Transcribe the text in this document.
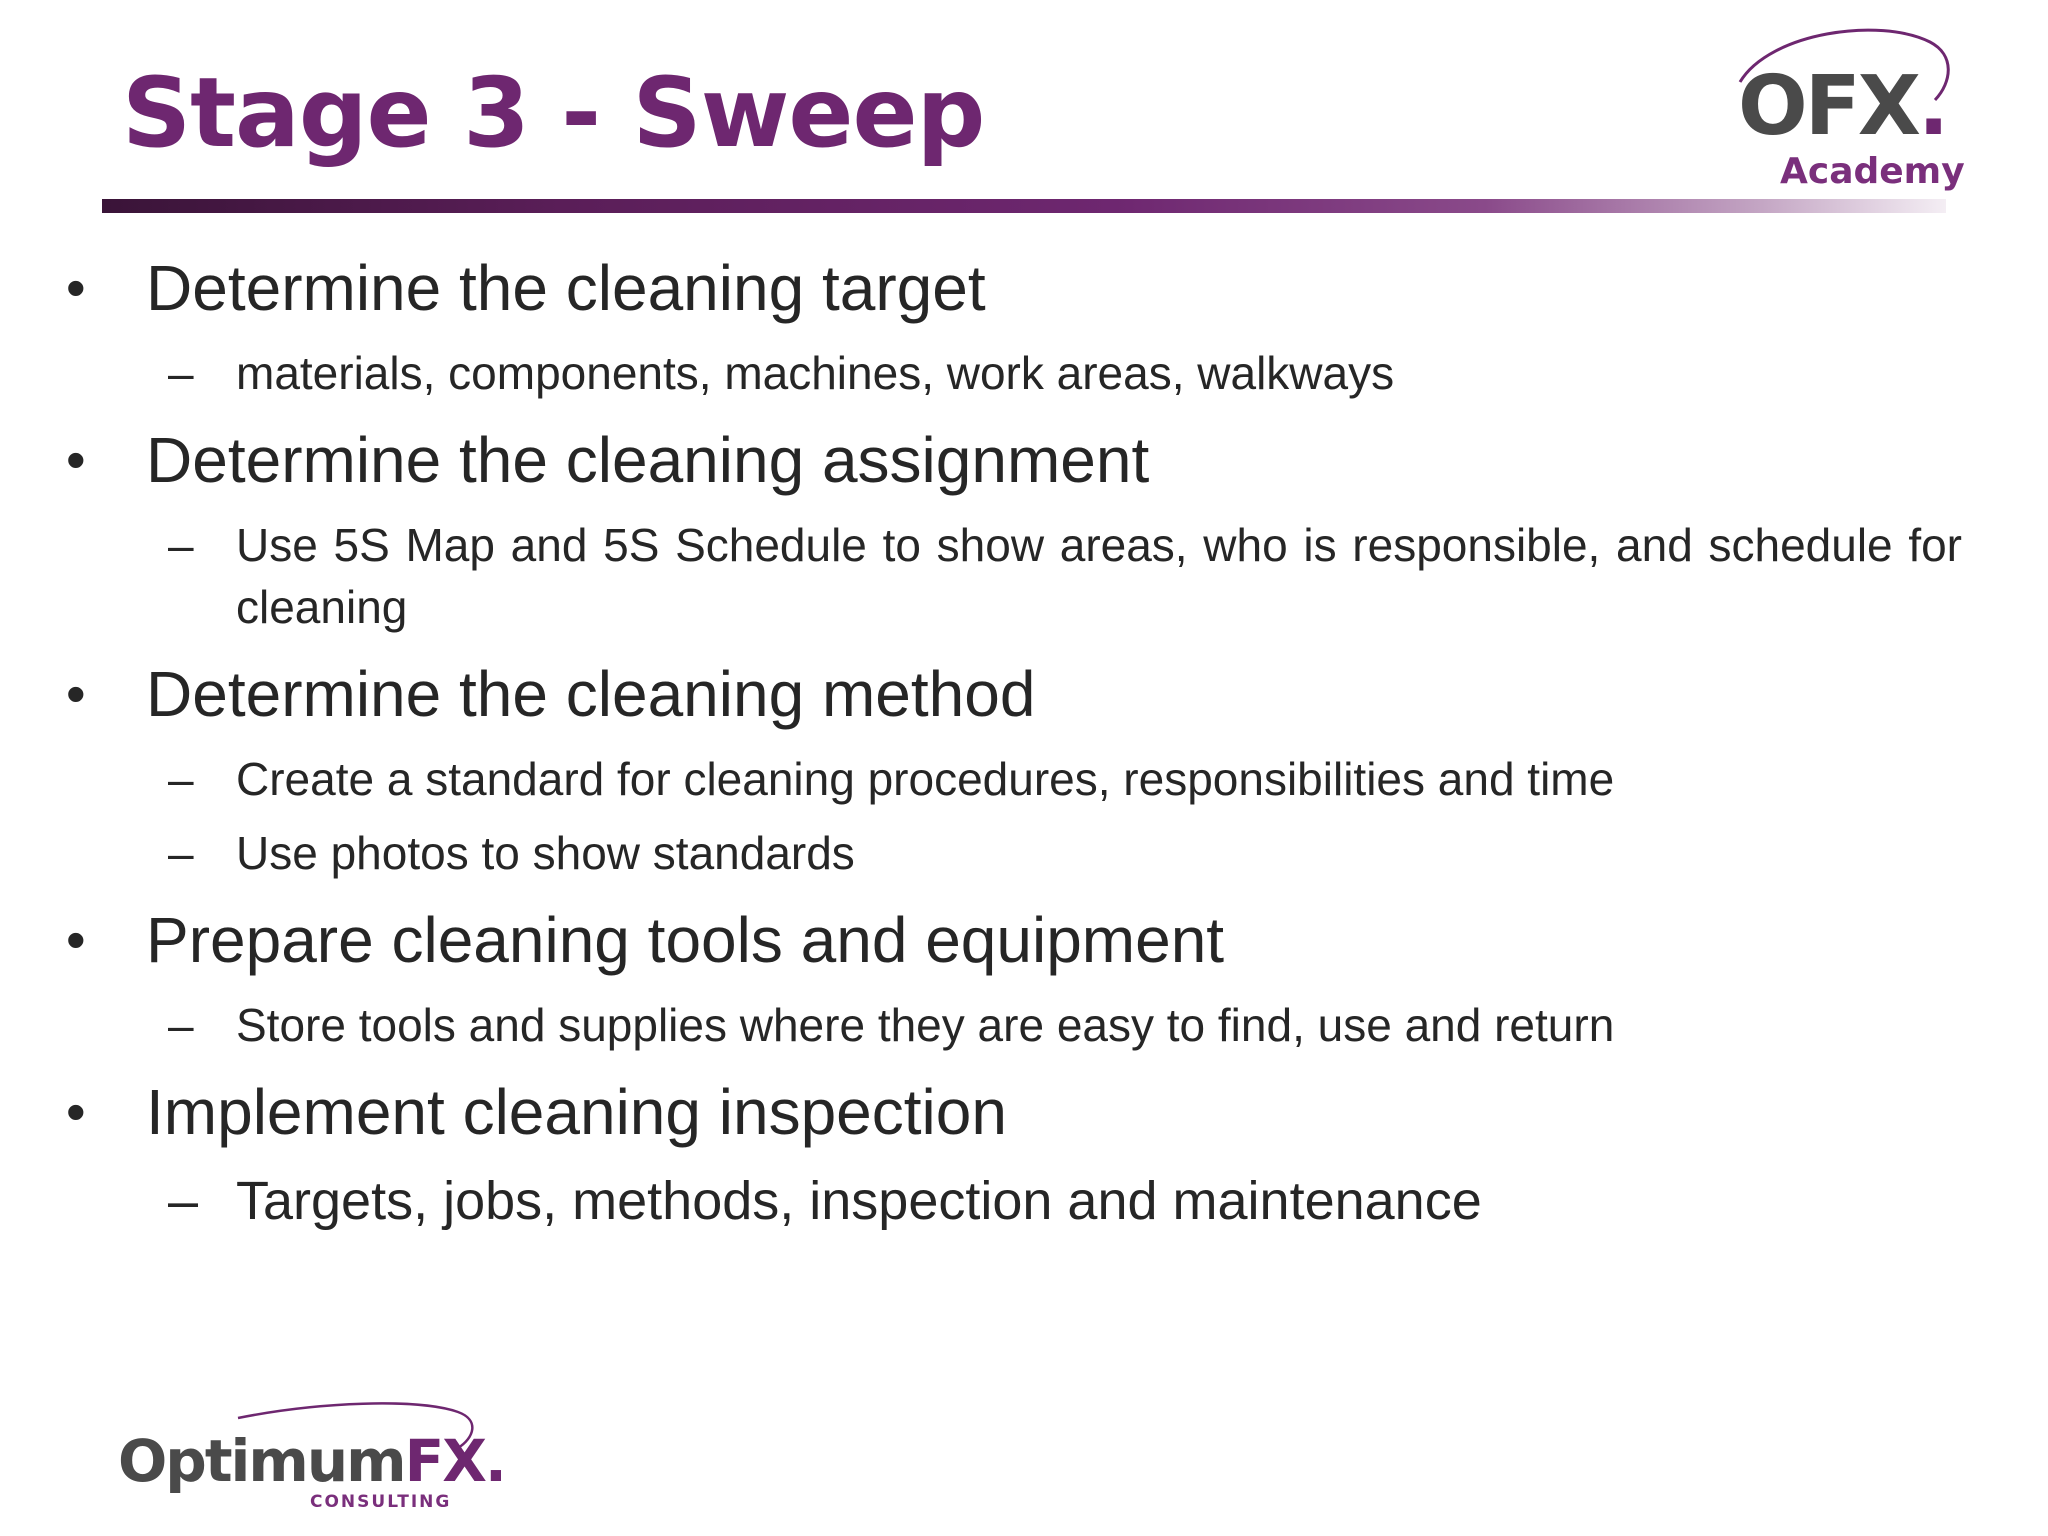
Stage 3 - Sweep	OFX.
Academy
• Determine the cleaning target
– materials, components, machines, work areas, walkways
• Determine the cleaning assignment
– Use 5S Map and 5S Schedule to show areas, who is responsible, and schedule for cleaning
• Determine the cleaning method
– Create a standard for cleaning procedures, responsibilities and time
– Use photos to show standards
• Prepare cleaning tools and equipment
– Store tools and supplies where they are easy to find, use and return
• Implement cleaning inspection
– Targets, jobs, methods, inspection and maintenance
OptimumFX.
CONSULTING
